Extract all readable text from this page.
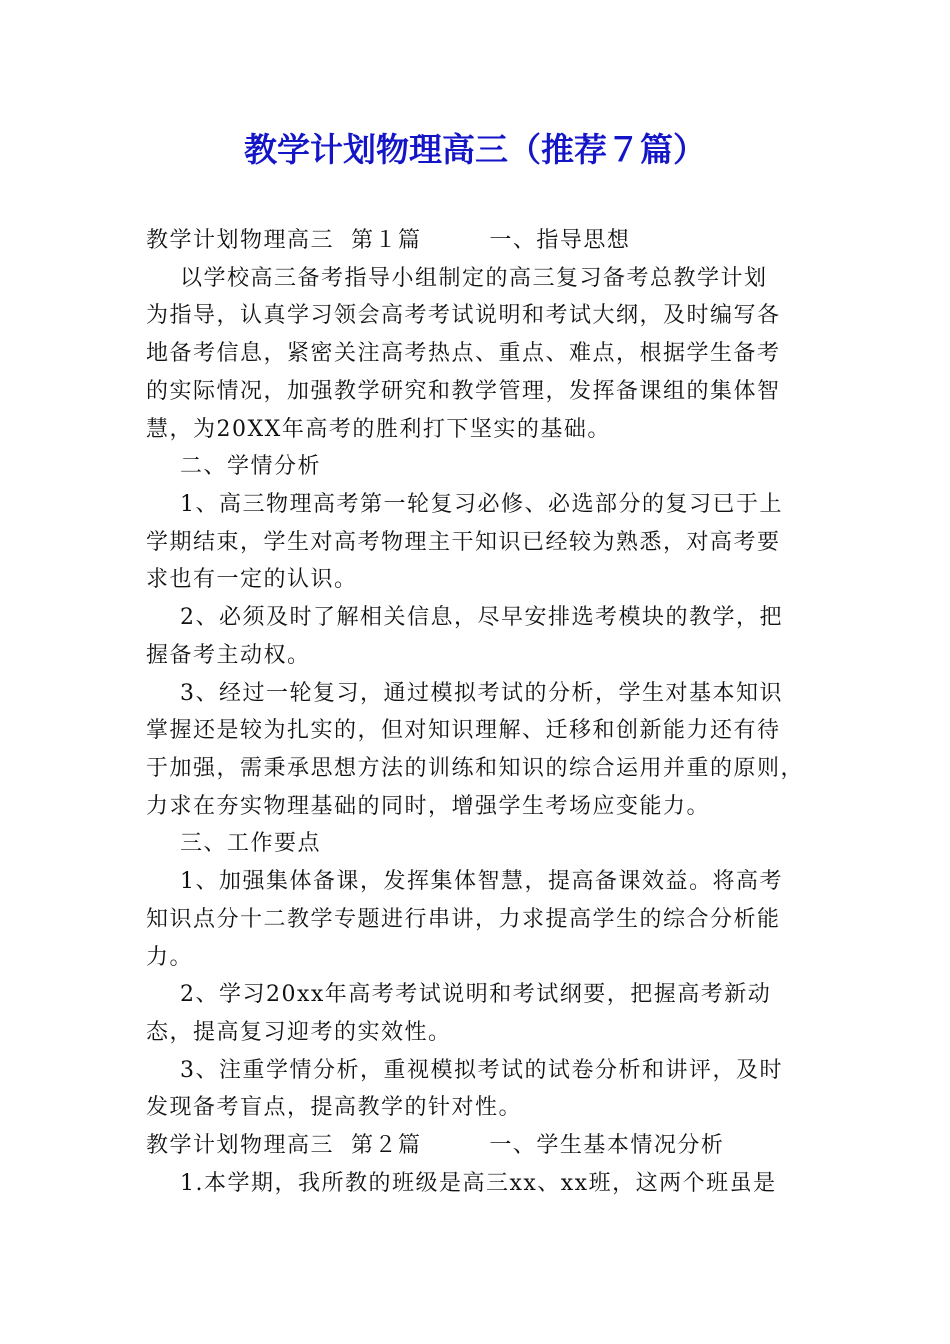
教学计划物理高三（推荐７篇）
教学计划物理高三  第１篇        一、指导思想
以学校高三备考指导小组制定的高三复习备考总教学计划
为指导，认真学习领会高考考试说明和考试大纲，及时编写各
地备考信息，紧密关注高考热点、重点、难点，根据学生备考
的实际情况，加强教学研究和教学管理，发挥备课组的集体智
慧，为20XX年高考的胜利打下坚实的基础。
二、学情分析
1、高三物理高考第一轮复习必修、必选部分的复习已于上
学期结束，学生对高考物理主干知识已经较为熟悉，对高考要
求也有一定的认识。
2、必须及时了解相关信息，尽早安排选考模块的教学，把
握备考主动权。
3、经过一轮复习，通过模拟考试的分析，学生对基本知识
掌握还是较为扎实的，但对知识理解、迁移和创新能力还有待
于加强，需秉承思想方法的训练和知识的综合运用并重的原则，
力求在夯实物理基础的同时，增强学生考场应变能力。
三、工作要点
1、加强集体备课，发挥集体智慧，提高备课效益。将高考
知识点分十二教学专题进行串讲，力求提高学生的综合分析能
力。
2、学习20xx年高考考试说明和考试纲要，把握高考新动
态，提高复习迎考的实效性。
3、注重学情分析，重视模拟考试的试卷分析和讲评，及时
发现备考盲点，提高教学的针对性。
教学计划物理高三  第２篇        一、学生基本情况分析
1.本学期，我所教的班级是高三xx、xx班，这两个班虽是
